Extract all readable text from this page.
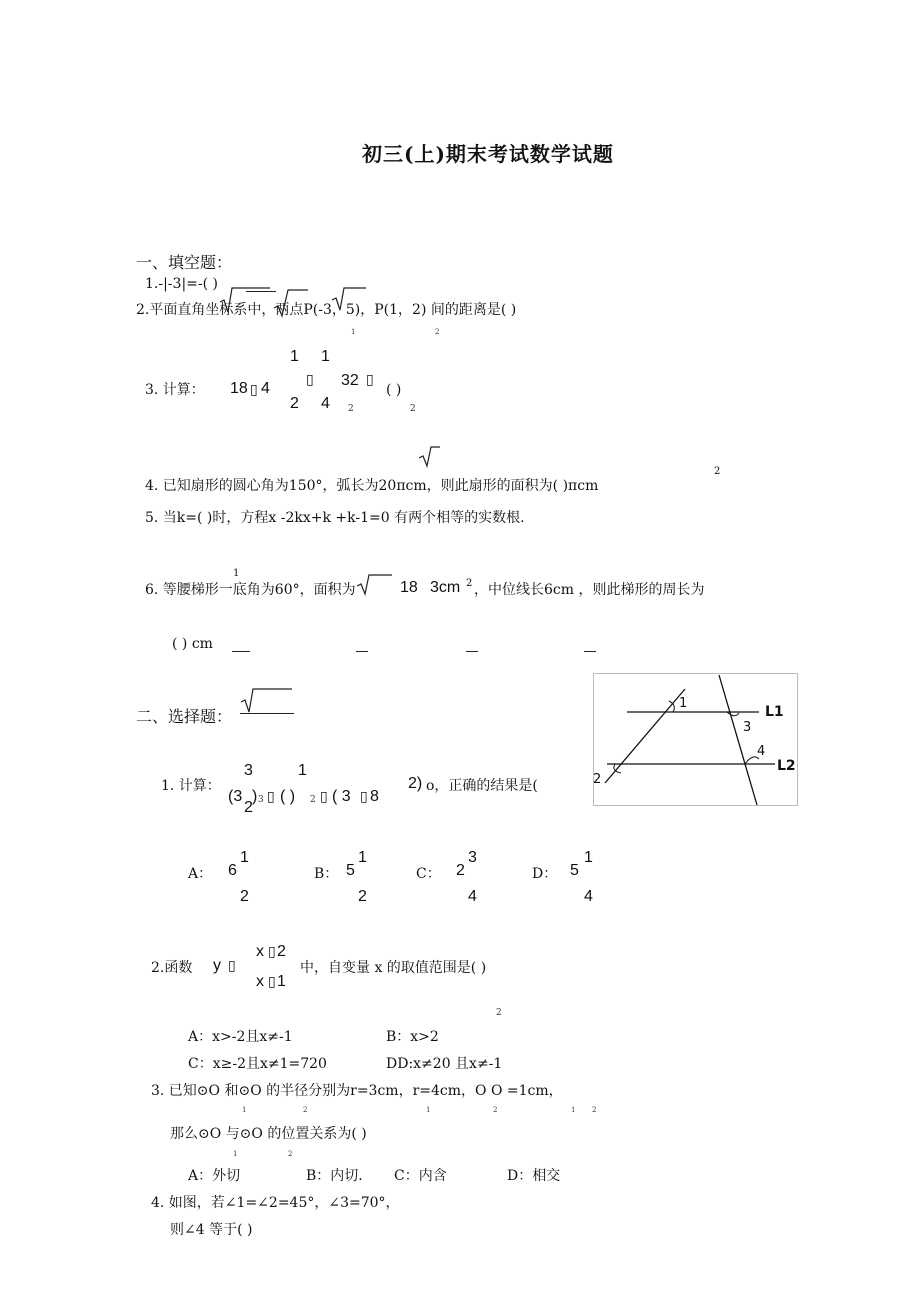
初三(上)期末考试数学试题
一、填空题：
1.-|-3|=-( )
2.平面直角坐标系中，两点P(-3，5)，P(1，2) 间的距离是( )
1	2
3. 计算： 18 ▯ 4
1
2
1
4
▯ 32 ▯
2
( )
2
4. 已知扇形的圆心角为150°，弧长为20πcm，则此扇形的面积为( )πcm
2
5. 当k=( )时，方程x -2kx+k +k-1=0 有两个相等的实数根.
6. 等腰梯形一底角为60°，面积为
1
18 3cm 2 ，中位线长6cm ，则此梯形的周长为
( ) cm
二、选择题：
1
3
4
2
L1
L2
1. 计算：
3
(3
2
) 3 ▯
1
( ) 2 ▯ ( 3 ▯ 8
2) o，正确的结果是(
A： 6
1
2
B： 5
1
2
C： 2
3
4
D： 5
1
4
2.函数 y ▯
x ▯ 2
x ▯ 1
中，自变量 x 的取值范围是( )
2
A：x>-2且x≠-1	B：x>2
C：x≥-2且x≠1=720	DD:x≠20 且x≠-1
3. 已知⊙O 和⊙O 的半径分别为r=3cm，r=4cm，O O =1cm，
1	2	1	2	1 2
那么⊙O 与⊙O 的位置关系为( )
1	2
A：外切	B：内切. C：内含	D：相交
4. 如图，若∠1=∠2=45°，∠3=70°，
则∠4 等于( )
